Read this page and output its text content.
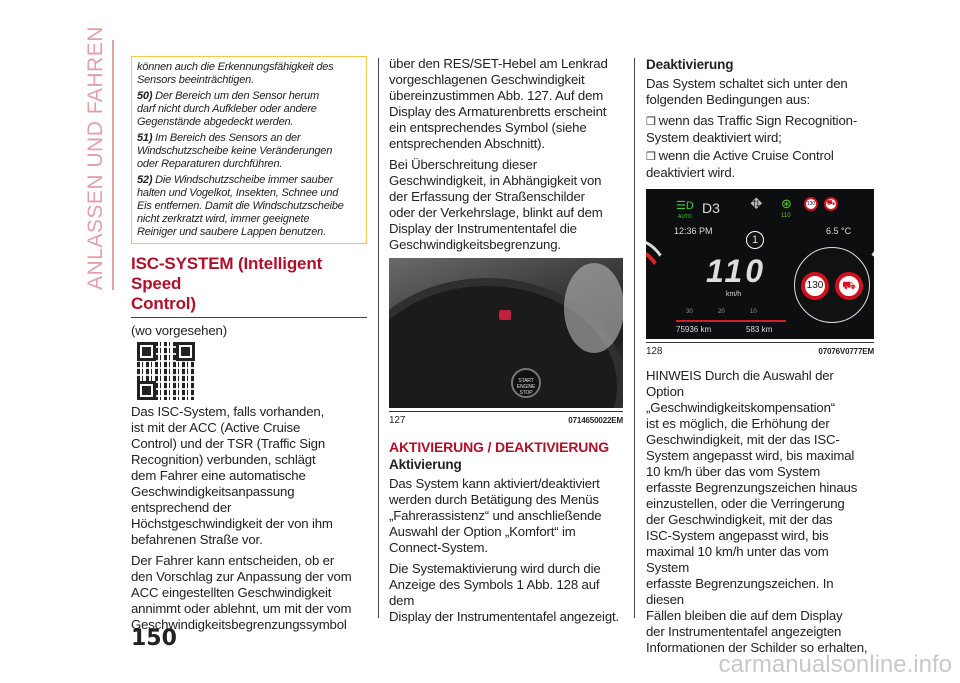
ANLASSEN UND FAHREN	können auch die Erkennungsfähigkeit des
Sensors beeinträchtigen.

50) Der Bereich um den Sensor herum
darf nicht durch Aufkleber oder andere
Gegenstände abgedeckt werden.

51) Im Bereich des Sensors an der
Windschutzscheibe keine Veränderungen
oder Reparaturen durchführen.

52) Die Windschutzscheibe immer sauber
halten und Vogelkot, Insekten, Schnee und
Eis entfernen. Damit die Windschutzscheibe
nicht zerkratzt wird, immer geeignete
Reiniger und saubere Lappen benutzen.

ISC-SYSTEM (Intelligent Speed
Control)

(wo vorgesehen)

Das ISC-System, falls vorhanden,
ist mit der ACC (Active Cruise
Control) und der TSR (Traffic Sign
Recognition) verbunden, schlägt
dem Fahrer eine automatische
Geschwindigkeitsanpassung
entsprechend der
Höchstgeschwindigkeit der von ihm
befahrenen Straße vor.

Der Fahrer kann entscheiden, ob er
den Vorschlag zur Anpassung der vom
ACC eingestellten Geschwindigkeit
annimmt oder ablehnt, um mit der vom
Geschwindigkeitsbegrenzungssymbol

über den RES/SET-Hebel am Lenkrad
vorgeschlagenen Geschwindigkeit
übereinzustimmen Abb. 127. Auf dem
Display des Armaturenbretts erscheint
ein entsprechendes Symbol (siehe
entsprechenden Abschnitt).

Bei Überschreitung dieser
Geschwindigkeit, in Abhängigkeit von
der Erfassung der Straßenschilder
oder der Verkehrslage, blinkt auf dem
Display der Instrumententafel die
Geschwindigkeitsbegrenzung.

START
ENGINE
STOP
127	0714650022EM
AKTIVIERUNG / DEAKTIVIERUNG
Aktivierung

Das System kann aktiviert/deaktiviert
werden durch Betätigung des Menüs
„Fahrerassistenz“ und anschließende
Auswahl der Option „Komfort“ im
Connect-System.

Die Systemaktivierung wird durch die
Anzeige des Symbols 1 Abb. 128 auf dem
Display der Instrumententafel angezeigt.

Deaktivierung

Das System schaltet sich unter den
folgenden Bedingungen aus:

❐ wenn das Traffic Sign Recognition-
System deaktiviert wird;

❐ wenn die Active Cruise Control
deaktiviert wird.

☰D
AUTO
D3
12:36 PM	6.5 °C
⛖ ⊛
110
130	⛟
1
110
km/h
30	20	10
75936 km	583 km
130	⛟
128	07076V0777EM

HINWEIS Durch die Auswahl der Option
„Geschwindigkeitskompensation“
ist es möglich, die Erhöhung der
Geschwindigkeit, mit der das ISC-
System angepasst wird, bis maximal
10 km/h über das vom System
erfasste Begrenzungszeichen hinaus
einzustellen, oder die Verringerung
der Geschwindigkeit, mit der das
ISC-System angepasst wird, bis
maximal 10 km/h unter das vom System
erfasste Begrenzungszeichen. In diesen
Fällen bleiben die auf dem Display
der Instrumententafel angezeigten
Informationen der Schilder so erhalten,

150
carmanualsonline.info
